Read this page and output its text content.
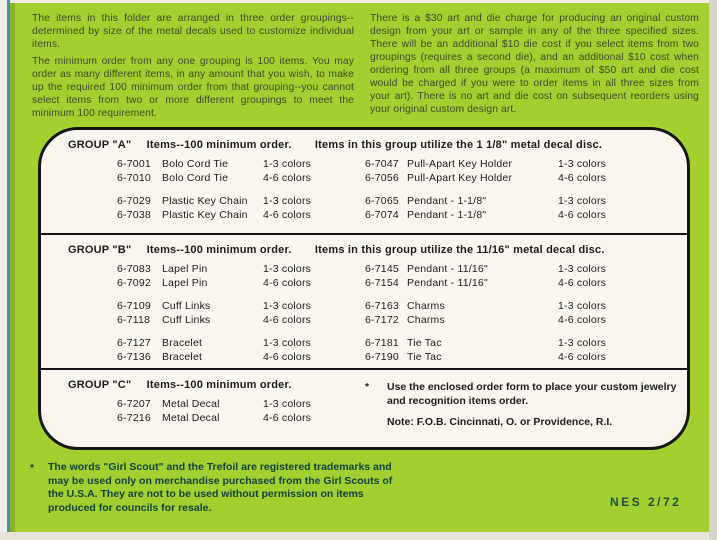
The items in this folder are arranged in three order groupings--determined by size of the metal decals used to customize individual items.

The minimum order from any one grouping is 100 items. You may order as many different items, in any amount that you wish, to make up the required 100 minimum order from that grouping--you cannot select items from two or more different groupings to meet the minimum 100 requirement.

There is a $30 art and die charge for producing an original custom design from your art or sample in any of the three specified sizes. There will be an additional $10 die cost if you select items from two groupings (requires a second die), and an additional $10 cost when ordering from all three groups (a maximum of $50 art and die cost would be charged if you were to order items in all three sizes from your art). There is no art and die cost on subsequent reorders using your original custom design art.

GROUP "A" Items--100 minimum order. Items in this group utilize the 1 1/8" metal decal disc.
6-7001	Bolo Cord Tie	1-3 colors	6-7047 Pull-Apart Key Holder	1-3 colors
6-7010	Bolo Cord Tie	4-6 colors	6-7056 Pull-Apart Key Holder	4-6 colors
6-7029	Plastic Key Chain	1-3 colors	6-7065 Pendant - 1-1/8"	1-3 colors
6-7038	Plastic Key Chain	4-6 colors	6-7074 Pendant - 1-1/8"	4-6 colors
GROUP "B" Items--100 minimum order. Items in this group utilize the 11/16" metal decal disc.
6-7083	Lapel Pin	1-3 colors	6-7145 Pendant - 11/16"	1-3 colors
6-7092	Lapel Pin	4-6 colors	6-7154 Pendant - 11/16"	4-6 colors
6-7109	Cuff Links	1-3 colors	6-7163 Charms	1-3 colors
6-7118	Cuff Links	4-6 colors	6-7172 Charms	4-6 colors
6-7127	Bracelet	1-3 colors	6-7181 Tie Tac	1-3 colors
6-7136	Bracelet	4-6 colors	6-7190 Tie Tac	4-6 colors
GROUP "C" Items--100 minimum order.
6-7207	Metal Decal	1-3 colors
6-7216	Metal Decal	4-6 colors
*	Use the enclosed order form to place your custom jewelry
and recognition items order.
Note: F.O.B. Cincinnati, O. or Providence, R.I.
*	The words "Girl Scout" and the Trefoil are registered trademarks and may be used only on merchandise purchased from the Girl Scouts of the U.S.A. They are not to be used without permission on items produced for councils for resale.	NES 2/72
